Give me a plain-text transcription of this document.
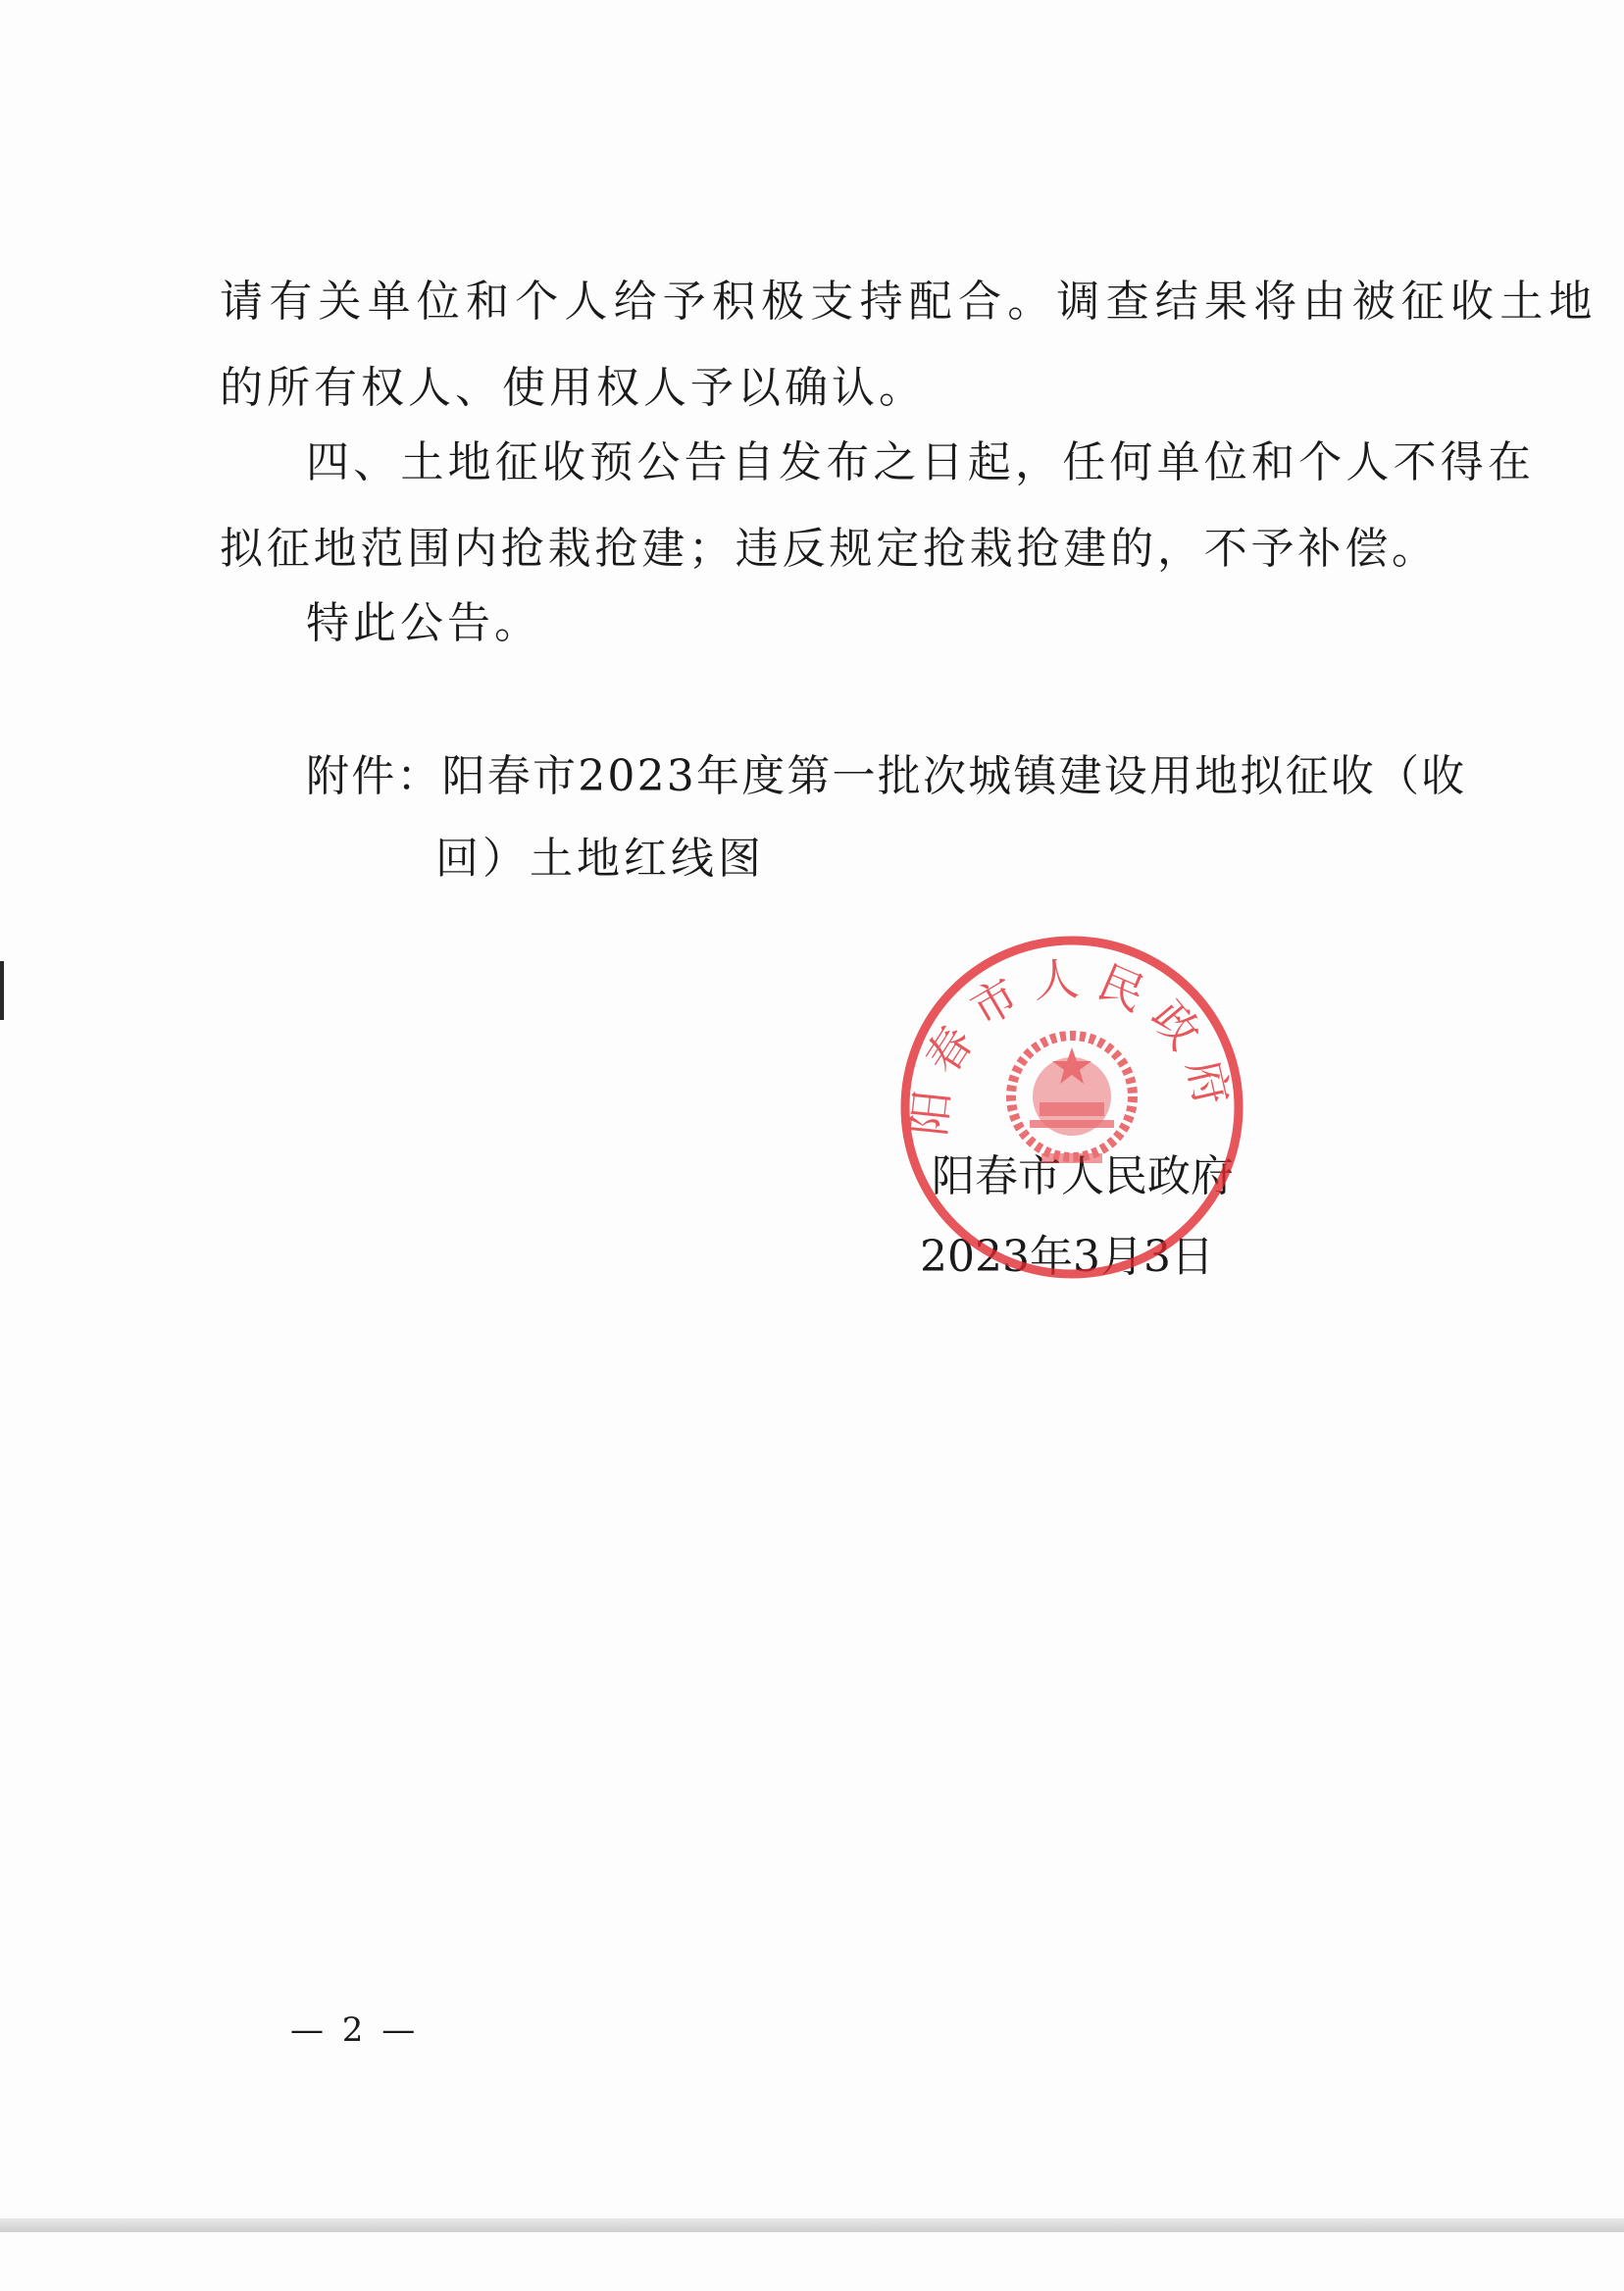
请有关单位和个人给予积极支持配合。调查结果将由被征收土地
的所有权人、使用权人予以确认。
四、土地征收预公告自发布之日起，任何单位和个人不得在
拟征地范围内抢栽抢建；违反规定抢栽抢建的，不予补偿。
特此公告。
附件：阳春市2023年度第一批次城镇建设用地拟征收（收
回）土地红线图
阳春市人民政府
2023年3月3日
阳春市人民政府
— 2 —
